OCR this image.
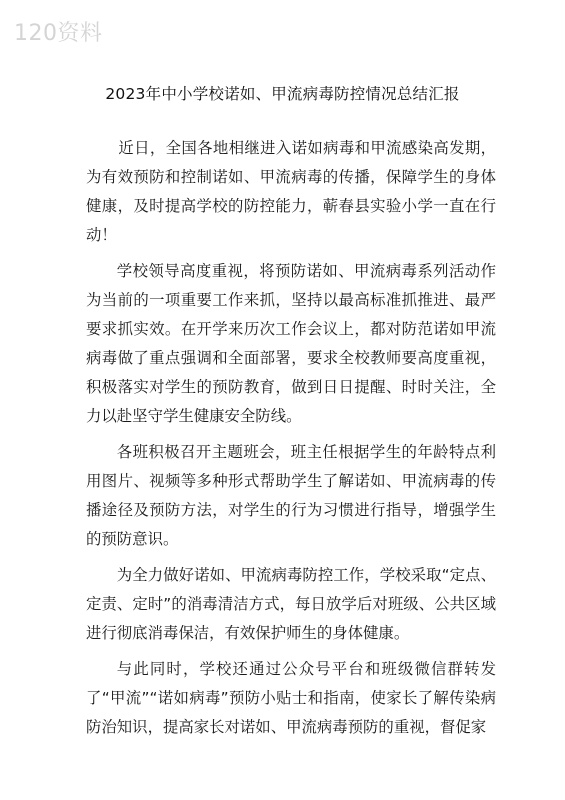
120资料
2023年中小学校诺如、甲流病毒防控情况总结汇报

近日，全国各地相继进入诺如病毒和甲流感染高发期，为有效预防和控制诺如、甲流病毒的传播，保障学生的身体健康，及时提高学校的防控能力，蕲春县实验小学一直在行动！

学校领导高度重视，将预防诺如、甲流病毒系列活动作为当前的一项重要工作来抓，坚持以最高标准抓推进、最严要求抓实效。在开学来历次工作会议上，都对防范诺如甲流病毒做了重点强调和全面部署，要求全校教师要高度重视，积极落实对学生的预防教育，做到日日提醒、时时关注，全力以赴坚守学生健康安全防线。

各班积极召开主题班会，班主任根据学生的年龄特点利用图片、视频等多种形式帮助学生了解诺如、甲流病毒的传播途径及预防方法，对学生的行为习惯进行指导，增强学生的预防意识。

为全力做好诺如、甲流病毒防控工作，学校采取“定点、定责、定时”的消毒清洁方式，每日放学后对班级、公共区域进行彻底消毒保洁，有效保护师生的身体健康。

与此同时，学校还通过公众号平台和班级微信群转发了“甲流”“诺如病毒”预防小贴士和指南，使家长了解传染病防治知识，提高家长对诺如、甲流病毒预防的重视，督促家
